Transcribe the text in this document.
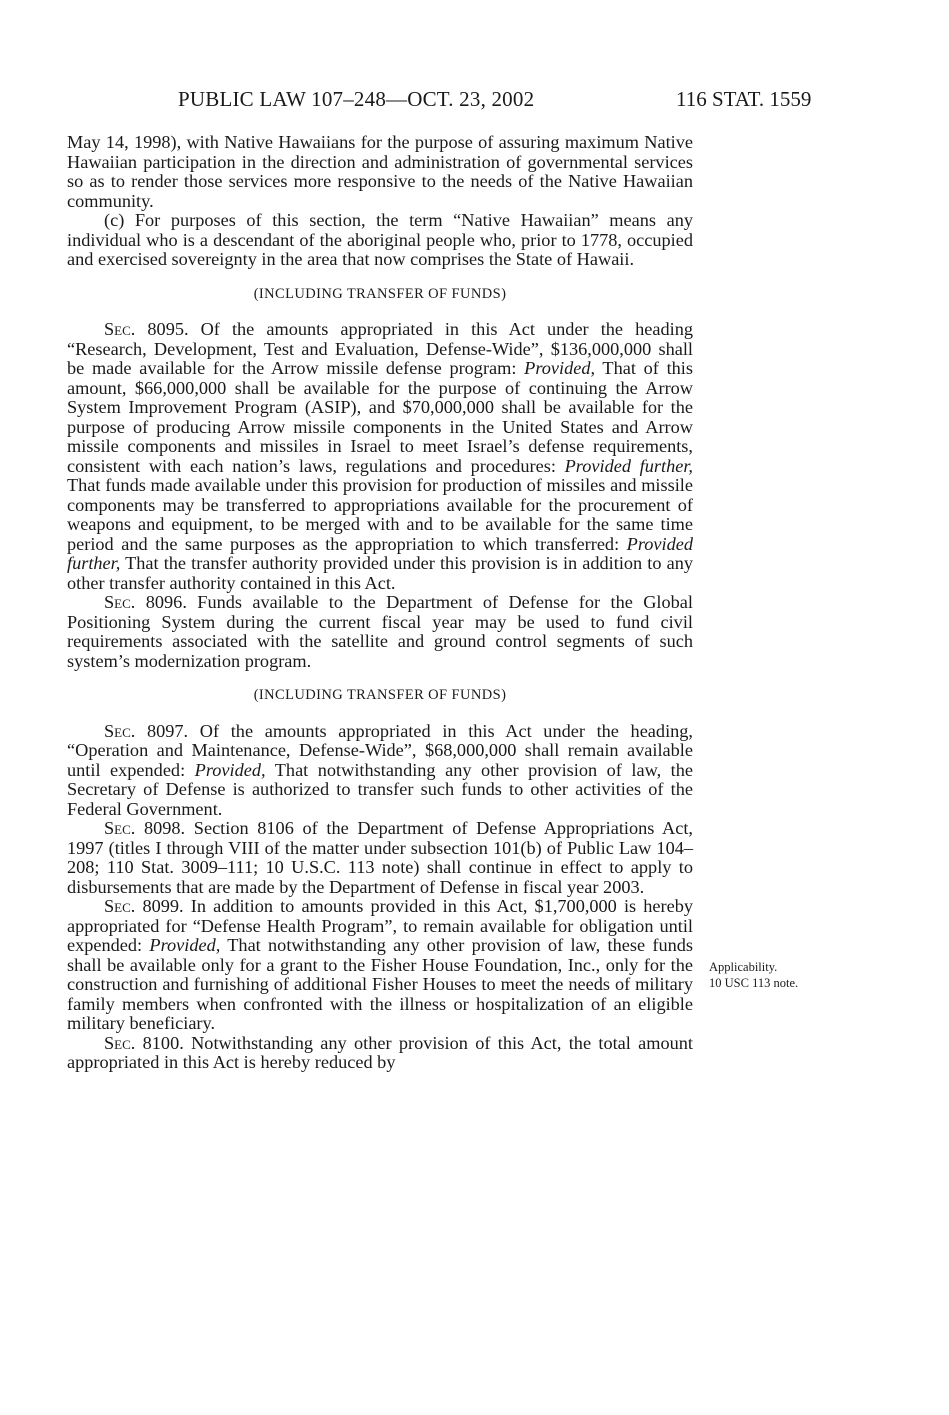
PUBLIC LAW 107–248—OCT. 23, 2002	116 STAT. 1559

May 14, 1998), with Native Hawaiians for the purpose of assuring maximum Native Hawaiian participation in the direction and administration of governmental services so as to render those services more responsive to the needs of the Native Hawaiian community.

(c) For purposes of this section, the term “Native Hawaiian” means any individual who is a descendant of the aboriginal people who, prior to 1778, occupied and exercised sovereignty in the area that now comprises the State of Hawaii.

(INCLUDING TRANSFER OF FUNDS)

Sec. 8095. Of the amounts appropriated in this Act under the heading “Research, Development, Test and Evaluation, Defense-Wide”, $136,000,000 shall be made available for the Arrow missile defense program: Provided, That of this amount, $66,000,000 shall be available for the purpose of continuing the Arrow System Improvement Program (ASIP), and $70,000,000 shall be available for the purpose of producing Arrow missile components in the United States and Arrow missile components and missiles in Israel to meet Israel’s defense requirements, consistent with each nation’s laws, regulations and procedures: Provided further, That funds made available under this provision for production of missiles and missile components may be transferred to appropriations available for the procurement of weapons and equipment, to be merged with and to be available for the same time period and the same purposes as the appropriation to which transferred: Provided further, That the transfer authority provided under this provision is in addition to any other transfer authority contained in this Act.

Sec. 8096. Funds available to the Department of Defense for the Global Positioning System during the current fiscal year may be used to fund civil requirements associated with the satellite and ground control segments of such system’s modernization program.

(INCLUDING TRANSFER OF FUNDS)

Sec. 8097. Of the amounts appropriated in this Act under the heading, “Operation and Maintenance, Defense-Wide”, $68,000,000 shall remain available until expended: Provided, That notwithstanding any other provision of law, the Secretary of Defense is authorized to transfer such funds to other activities of the Federal Government.

Sec. 8098. Section 8106 of the Department of Defense Appropriations Act, 1997 (titles I through VIII of the matter under subsection 101(b) of Public Law 104–208; 110 Stat. 3009–111; 10 U.S.C. 113 note) shall continue in effect to apply to disbursements that are made by the Department of Defense in fiscal year 2003.

Sec. 8099. In addition to amounts provided in this Act, $1,700,000 is hereby appropriated for “Defense Health Program”, to remain available for obligation until expended: Provided, That notwithstanding any other provision of law, these funds shall be available only for a grant to the Fisher House Foundation, Inc., only for the construction and furnishing of additional Fisher Houses to meet the needs of military family members when confronted with the illness or hospitalization of an eligible military beneficiary.

Sec. 8100. Notwithstanding any other provision of this Act, the total amount appropriated in this Act is hereby reduced by

Applicability.
10 USC 113 note.
